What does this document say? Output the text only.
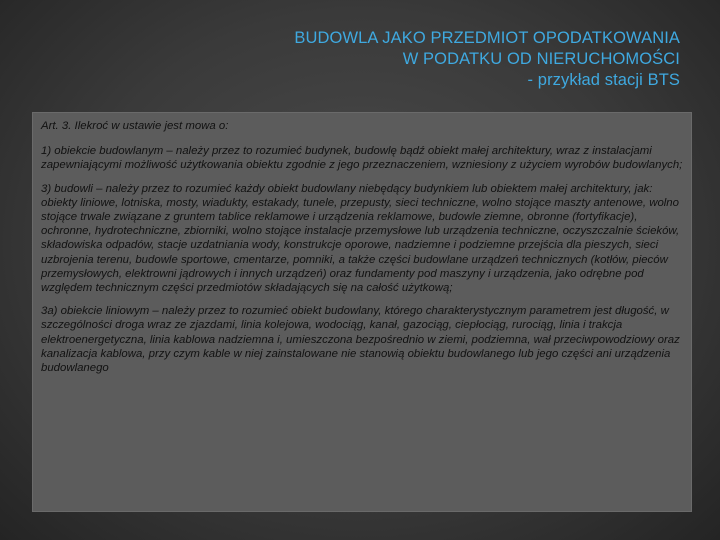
BUDOWLA JAKO PRZEDMIOT OPODATKOWANIA
W PODATKU OD NIERUCHOMOŚCI
- przykład stacji BTS

Art. 3. Ilekroć w ustawie jest mowa o:

1) obiekcie budowlanym – należy przez to rozumieć budynek, budowlę bądź obiekt małej architektury, wraz z instalacjami zapewniającymi możliwość użytkowania obiektu zgodnie z jego przeznaczeniem, wzniesiony z użyciem wyrobów budowlanych;

3) budowli – należy przez to rozumieć każdy obiekt budowlany niebędący budynkiem lub obiektem małej architektury, jak: obiekty liniowe, lotniska, mosty, wiadukty, estakady, tunele, przepusty, sieci techniczne, wolno stojące maszty antenowe, wolno stojące trwale związane z gruntem tablice reklamowe i urządzenia reklamowe, budowle ziemne, obronne (fortyfikacje), ochronne, hydrotechniczne, zbiorniki, wolno stojące instalacje przemysłowe lub urządzenia techniczne, oczyszczalnie ścieków, składowiska odpadów, stacje uzdatniania wody, konstrukcje oporowe, nadziemne i podziemne przejścia dla pieszych, sieci uzbrojenia terenu, budowle sportowe, cmentarze, pomniki, a także części budowlane urządzeń technicznych (kotłów, pieców przemysłowych, elektrowni jądrowych i innych urządzeń) oraz fundamenty pod maszyny i urządzenia, jako odrębne pod względem technicznym części przedmiotów składających się na całość użytkową;

3a) obiekcie liniowym – należy przez to rozumieć obiekt budowlany, którego charakterystycznym parametrem jest długość, w szczególności droga wraz ze zjazdami, linia kolejowa, wodociąg, kanał, gazociąg, ciepłociąg, rurociąg, linia i trakcja elektroenergetyczna, linia kablowa nadziemna i, umieszczona bezpośrednio w ziemi, podziemna, wał przeciwpowodziowy oraz kanalizacja kablowa, przy czym kable w niej zainstalowane nie stanowią obiektu budowlanego lub jego części ani urządzenia budowlanego
